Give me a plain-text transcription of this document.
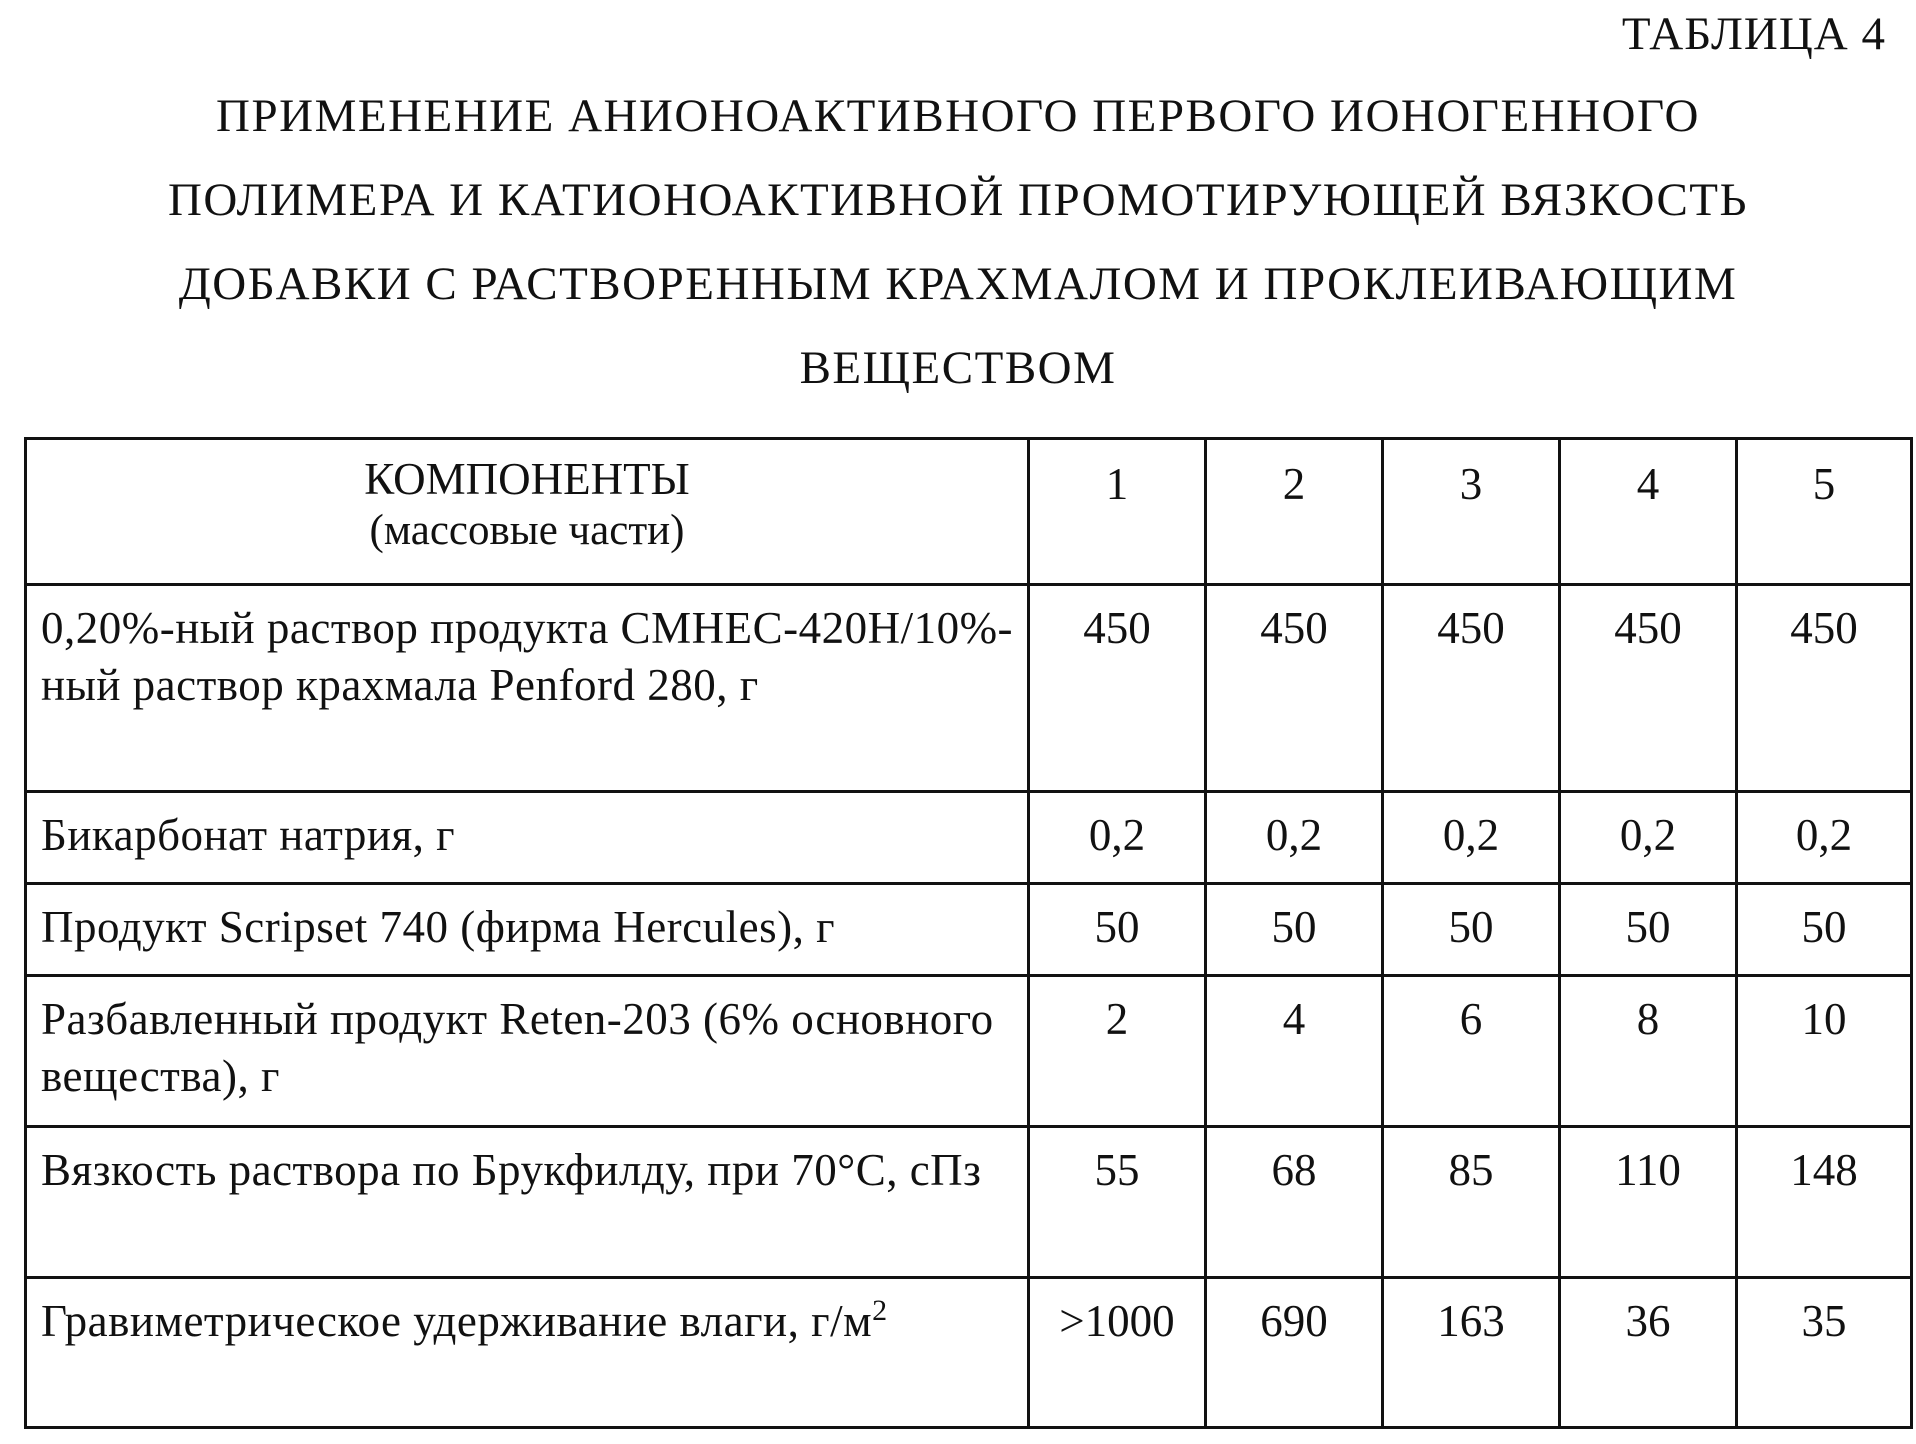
ТАБЛИЦА 4
ПРИМЕНЕНИЕ АНИОНОАКТИВНОГО ПЕРВОГО ИОНОГЕННОГО
ПОЛИМЕРА И КАТИОНОАКТИВНОЙ ПРОМОТИРУЮЩЕЙ ВЯЗКОСТЬ
ДОБАВКИ С РАСТВОРЕННЫМ КРАХМАЛОМ И ПРОКЛЕИВАЮЩИМ
ВЕЩЕСТВОМ
КОМПОНЕНТЫ
(массовые части)
	1	2	3	4	5
0,20%-ный раствор продукта CMHEC-420H/10%-ный раствор крахмала Penford 280, г	450	450	450	450	450
Бикарбонат натрия, г	0,2	0,2	0,2	0,2	0,2
Продукт Scripset 740 (фирма Hercules), г	50	50	50	50	50
Разбавленный продукт Reten-203 (6% основного вещества), г	2	4	6	8	10
Вязкость раствора по Брукфилду, при 70°С, сПз	55	68	85	110	148
Гравиметрическое удерживание влаги, г/м2	>1000	690	163	36	35
